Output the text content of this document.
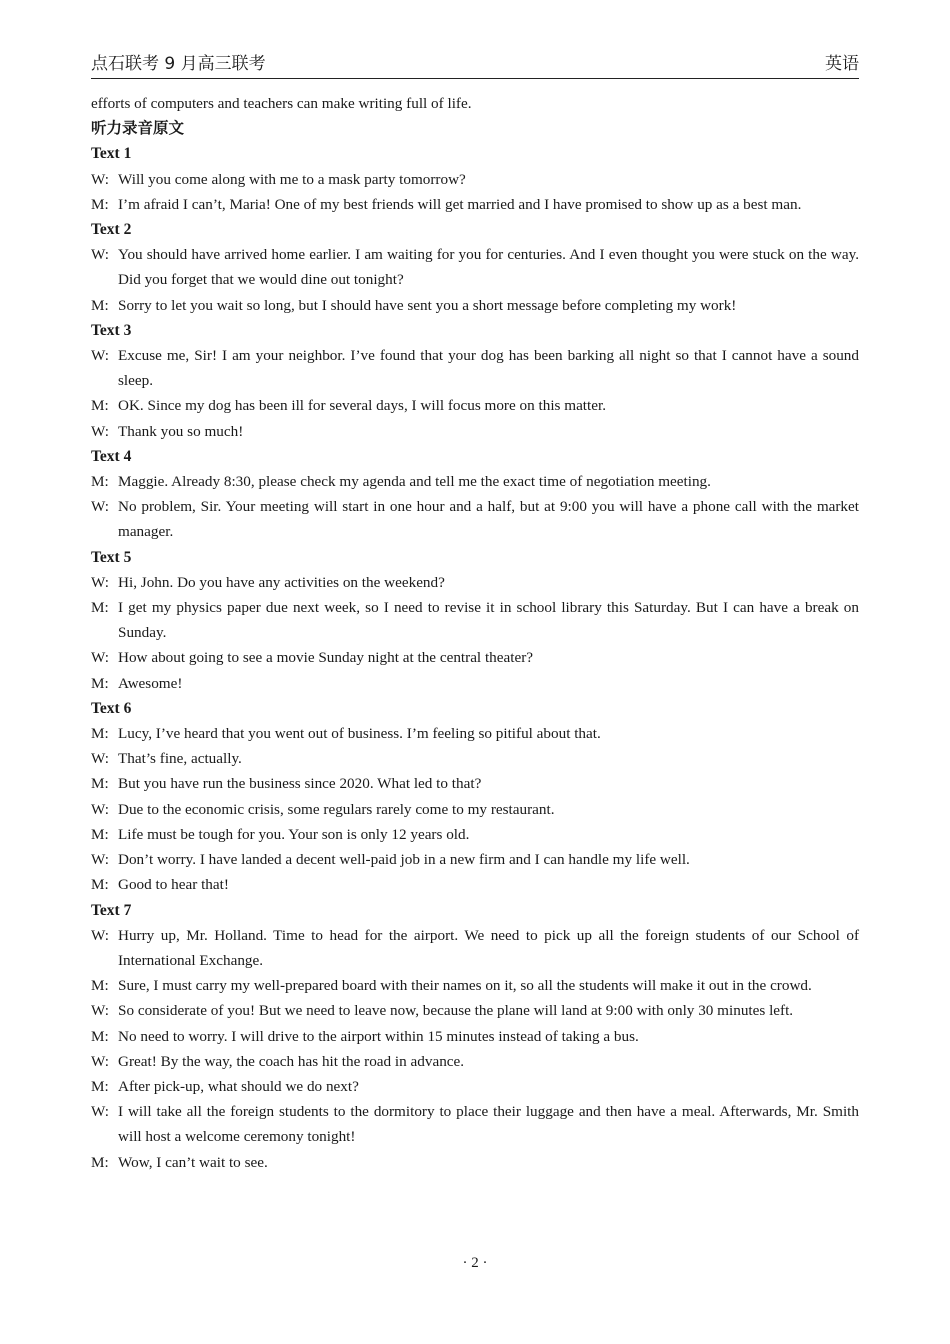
点石联考 9 月高三联考	英语

efforts of computers and teachers can make writing full of life.

听力录音原文

Text 1

W: Will you come along with me to a mask party tomorrow?

M: I’m afraid I can’t, Maria! One of my best friends will get married and I have promised to show up as a best man.

Text 2

W: You should have arrived home earlier. I am waiting for you for centuries. And I even thought you were stuck on the way. Did you forget that we would dine out tonight?

M: Sorry to let you wait so long, but I should have sent you a short message before completing my work!

Text 3

W: Excuse me, Sir! I am your neighbor. I’ve found that your dog has been barking all night so that I cannot have a sound sleep.

M: OK. Since my dog has been ill for several days, I will focus more on this matter.

W: Thank you so much!

Text 4

M: Maggie. Already 8:30, please check my agenda and tell me the exact time of negotiation meeting.

W: No problem, Sir. Your meeting will start in one hour and a half, but at 9:00 you will have a phone call with the market manager.

Text 5

W: Hi, John. Do you have any activities on the weekend?

M: I get my physics paper due next week, so I need to revise it in school library this Saturday. But I can have a break on Sunday.

W: How about going to see a movie Sunday night at the central theater?

M: Awesome!

Text 6

M: Lucy, I’ve heard that you went out of business. I’m feeling so pitiful about that.

W: That’s fine, actually.

M: But you have run the business since 2020. What led to that?

W: Due to the economic crisis, some regulars rarely come to my restaurant.

M: Life must be tough for you. Your son is only 12 years old.

W: Don’t worry. I have landed a decent well-paid job in a new firm and I can handle my life well.

M: Good to hear that!

Text 7

W: Hurry up, Mr. Holland. Time to head for the airport. We need to pick up all the foreign students of our School of International Exchange.

M: Sure, I must carry my well-prepared board with their names on it, so all the students will make it out in the crowd.

W: So considerate of you! But we need to leave now, because the plane will land at 9:00 with only 30 minutes left.

M: No need to worry. I will drive to the airport within 15 minutes instead of taking a bus.

W: Great! By the way, the coach has hit the road in advance.

M: After pick-up, what should we do next?

W: I will take all the foreign students to the dormitory to place their luggage and then have a meal. Afterwards, Mr. Smith will host a welcome ceremony tonight!

M: Wow, I can’t wait to see.

· 2 ·
